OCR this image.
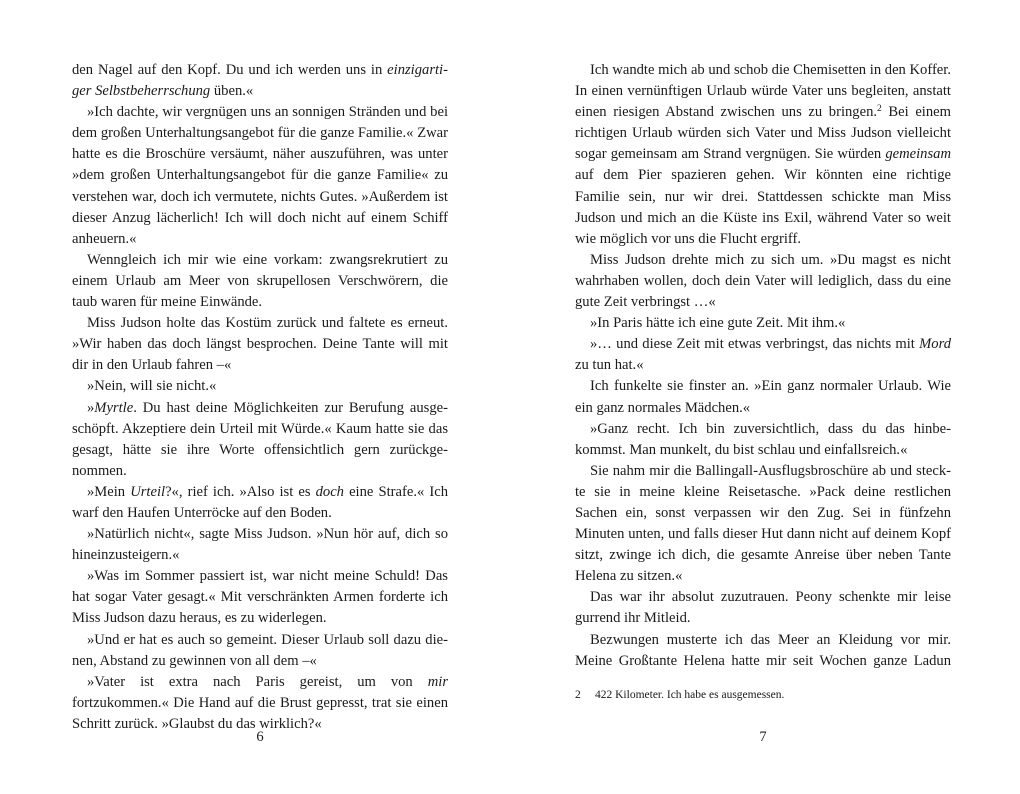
den Nagel auf den Kopf. Du und ich werden uns in einzigartiger Selbstbeherrschung üben.«

»Ich dachte, wir vergnügen uns an sonnigen Stränden und bei dem großen Unterhaltungsangebot für die ganze Familie.« Zwar hatte es die Broschüre versäumt, näher auszuführen, was unter »dem großen Unterhaltungsangebot für die ganze Familie« zu verstehen war, doch ich vermutete, nichts Gutes. »Außerdem ist dieser Anzug lächerlich! Ich will doch nicht auf einem Schiff anheuern.«

Wenngleich ich mir wie eine vorkam: zwangsrekrutiert zu einem Urlaub am Meer von skrupellosen Verschwörern, die taub waren für meine Einwände.

Miss Judson holte das Kostüm zurück und faltete es erneut. »Wir haben das doch längst besprochen. Deine Tante will mit dir in den Urlaub fahren –«

»Nein, will sie nicht.«

»Myrtle. Du hast deine Möglichkeiten zur Berufung ausgeschöpft. Akzeptiere dein Urteil mit Würde.« Kaum hatte sie das gesagt, hätte sie ihre Worte offensichtlich gern zurückgenommen.

»Mein Urteil?«, rief ich. »Also ist es doch eine Strafe.« Ich warf den Haufen Unterröcke auf den Boden.

»Natürlich nicht«, sagte Miss Judson. »Nun hör auf, dich so hineinzusteigern.«

»Was im Sommer passiert ist, war nicht meine Schuld! Das hat sogar Vater gesagt.« Mit verschränkten Armen forderte ich Miss Judson dazu heraus, es zu widerlegen.

»Und er hat es auch so gemeint. Dieser Urlaub soll dazu dienen, Abstand zu gewinnen von all dem –«

»Vater ist extra nach Paris gereist, um von mir fortzukommen.« Die Hand auf die Brust gepresst, trat sie einen Schritt zurück. »Glaubst du das wirklich?«

Ich wandte mich ab und schob die Chemisetten in den Koffer. In einen vernünftigen Urlaub würde Vater uns begleiten, anstatt einen riesigen Abstand zwischen uns zu bringen.$^2$ Bei einem richtigen Urlaub würden sich Vater und Miss Judson vielleicht sogar gemeinsam am Strand vergnügen. Sie würden gemeinsam auf dem Pier spazieren gehen. Wir könnten eine richtige Familie sein, nur wir drei. Stattdessen schickte man Miss Judson und mich an die Küste ins Exil, während Vater so weit wie möglich vor uns die Flucht ergriff.

Miss Judson drehte mich zu sich um. »Du magst es nicht wahrhaben wollen, doch dein Vater will lediglich, dass du eine gute Zeit verbringst …«

»In Paris hätte ich eine gute Zeit. Mit ihm.«

»… und diese Zeit mit etwas verbringst, das nichts mit Mord zu tun hat.«

Ich funkelte sie finster an. »Ein ganz normaler Urlaub. Wie ein ganz normales Mädchen.«

»Ganz recht. Ich bin zuversichtlich, dass du das hinbekommst. Man munkelt, du bist schlau und einfallsreich.«

Sie nahm mir die Ballingall-Ausflugsbroschüre ab und steckte sie in meine kleine Reisetasche. »Pack deine restlichen Sachen ein, sonst verpassen wir den Zug. Sei in fünfzehn Minuten unten, und falls dieser Hut dann nicht auf deinem Kopf sitzt, zwinge ich dich, die gesamte Anreise über neben Tante Helena zu sitzen.«

Das war ihr absolut zuzutrauen. Peony schenkte mir leise gurrend ihr Mitleid.

Bezwungen musterte ich das Meer an Kleidung vor mir. Meine Großtante Helena hatte mir seit Wochen ganze Ladun

2 422 Kilometer. Ich habe es ausgemessen.
6	7
